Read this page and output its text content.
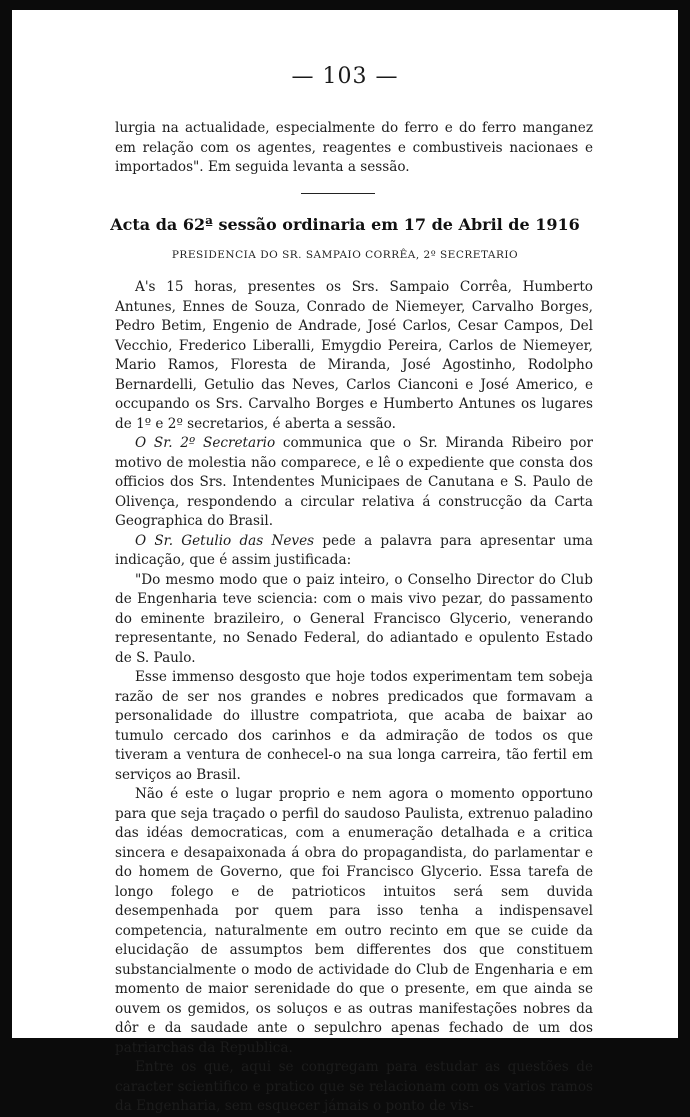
— 103 —

lurgia na actualidade, especialmente do ferro e do ferro manganez em relação com os agentes, reagentes e combustiveis nacionaes e importados". Em seguida levanta a sessão.

Acta da 62ª sessão ordinaria em 17 de Abril de 1916
PRESIDENCIA DO SR. SAMPAIO CORRÊA, 2º SECRETARIO

A's 15 horas, presentes os Srs. Sampaio Corrêa, Humberto Antunes, Ennes de Souza, Conrado de Niemeyer, Carvalho Borges, Pedro Betim, Engenio de Andrade, José Carlos, Cesar Campos, Del Vecchio, Frederico Liberalli, Emygdio Pereira, Carlos de Niemeyer, Mario Ramos, Floresta de Miranda, José Agostinho, Rodolpho Bernardelli, Getulio das Neves, Carlos Cianconi e José Americo, e occupando os Srs. Carvalho Borges e Humberto Antunes os lugares de 1º e 2º secretarios, é aberta a sessão.

O Sr. 2º Secretario communica que o Sr. Miranda Ribeiro por motivo de molestia não comparece, e lê o expediente que consta dos officios dos Srs. Intendentes Municipaes de Canutana e S. Paulo de Olivença, respondendo a circular relativa á construcção da Carta Geographica do Brasil.

O Sr. Getulio das Neves pede a palavra para apresentar uma indicação, que é assim justificada:

"Do mesmo modo que o paiz inteiro, o Conselho Director do Club de Engenharia teve sciencia: com o mais vivo pezar, do passamento do eminente brazileiro, o General Francisco Glycerio, venerando representante, no Senado Federal, do adiantado e opulento Estado de S. Paulo.

Esse immenso desgosto que hoje todos experimentam tem sobeja razão de ser nos grandes e nobres predicados que formavam a personalidade do illustre compatriota, que acaba de baixar ao tumulo cercado dos carinhos e da admiração de todos os que tiveram a ventura de conhecel-o na sua longa carreira, tão fertil em serviços ao Brasil.

Não é este o lugar proprio e nem agora o momento opportuno para que seja traçado o perfil do saudoso Paulista, extrenuo paladino das idéas democraticas, com a enumeração detalhada e a critica sincera e desapaixonada á obra do propagandista, do parlamentar e do homem de Governo, que foi Francisco Glycerio. Essa tarefa de longo folego e de patrioticos intuitos será sem duvida desempenhada por quem para isso tenha a indispensavel competencia, naturalmente em outro recinto em que se cuide da elucidação de assumptos bem differentes dos que constituem substancialmente o modo de actividade do Club de Engenharia e em momento de maior serenidade do que o presente, em que ainda se ouvem os gemidos, os soluços e as outras manifestações nobres da dôr e da saudade ante o sepulchro apenas fechado de um dos patriarchas da Republica.

Entre os que, aqui se congregam para estudar as questões de caracter scientifico e pratico que se relacionam com os varios ramos da Engenharia, sem esquecer jámais o ponto de vis-
